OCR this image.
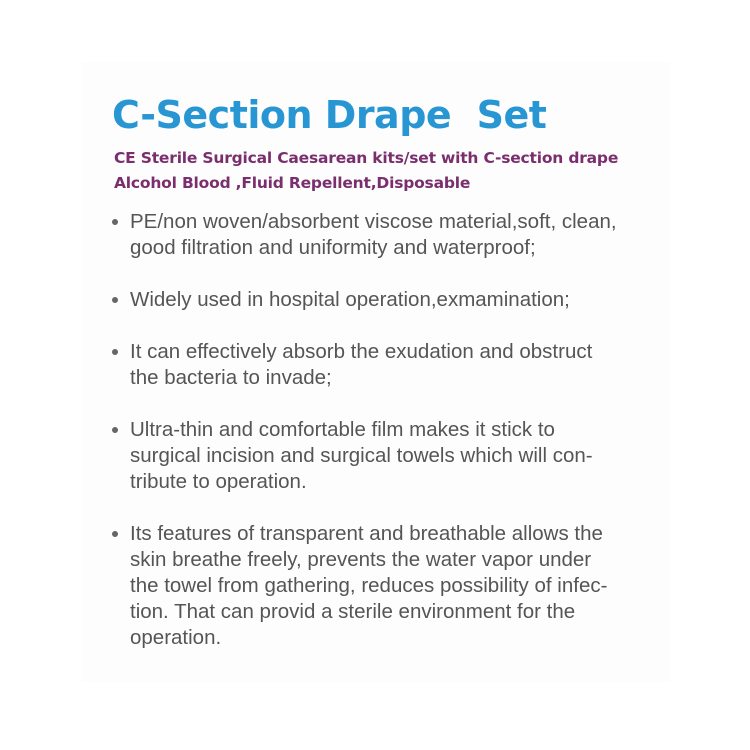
C-Section Drape  Set

CE Sterile Surgical Caesarean kits/set with C-section drape
Alcohol Blood ,Fluid Repellent,Disposable

PE/non woven/absorbent viscose material,soft, clean,
good filtration and uniformity and waterproof;
Widely used in hospital operation,exmamination;
It can effectively absorb the exudation and obstruct
the bacteria to invade;
Ultra-thin and comfortable film makes it stick to
surgical incision and surgical towels which will con-
tribute to operation.
Its features of transparent and breathable allows the
skin breathe freely, prevents the water vapor under
the towel from gathering, reduces possibility of infec-
tion. That can provid a sterile environment for the
operation.
